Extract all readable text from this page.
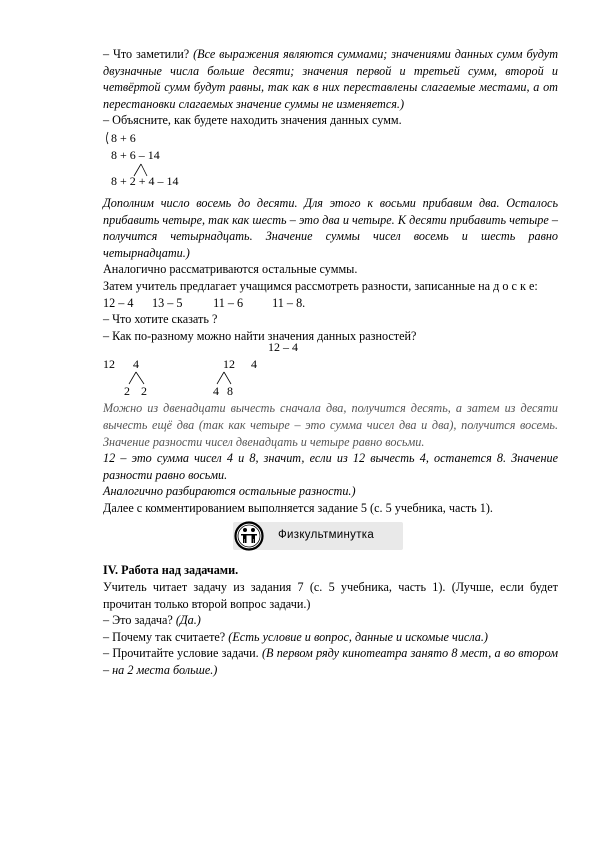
– Что заметили? (Все выражения являются суммами; значениями данных сумм будут двузначные числа больше десяти; значения первой и третьей сумм, второй и четвёртой сумм будут равны, так как в них переставлены слагаемые местами, а от перестановки слагаемых значение суммы не изменяется.)

– Объясните, как будете находить значения данных сумм.

8 + 6
8 + 6 – 14
8 + 2 + 4 – 14

Дополним число восемь до десяти. Для этого к восьми прибавим два. Осталось прибавить четыре, так как шесть – это два и четыре. К десяти прибавить четыре – получится четырнадцать. Значение суммы чисел восемь и шесть равно четырнадцати.)

Аналогично рассматриваются остальные суммы.

Затем учитель предлагает учащимся рассмотреть разности, записанные на д о с к е:

12 – 4 13 – 5	11 – 6 11 – 8.

– Что хотите сказать ?

– Как по-разному можно найти значения данных разностей?

12 – 4
12 4
2 2
12 4
4 8

Можно из двенадцати вычесть сначала два, получится десять, а затем из десяти вычесть ещё два (так как четыре – это сумма чисел два и два), получится восемь. Значение разности чисел двенадцать и четыре равно восьми.

12 – это сумма чисел 4 и 8, значит, если из 12 вычесть 4, останется 8. Значение разности равно восьми.

Аналогично разбираются остальные разности.)

Далее с комментированием выполняется задание 5 (с. 5 учебника, часть 1).

Физкультминутка

IV. Работа над задачами.

Учитель читает задачу из задания 7 (с. 5 учебника, часть 1). (Лучше, если будет прочитан только второй вопрос задачи.)

– Это задача? (Да.)

– Почему так считаете? (Есть условие и вопрос, данные и искомые числа.)

– Прочитайте условие задачи. (В первом ряду кинотеатра занято 8 мест, а во втором – на 2 места больше.)
